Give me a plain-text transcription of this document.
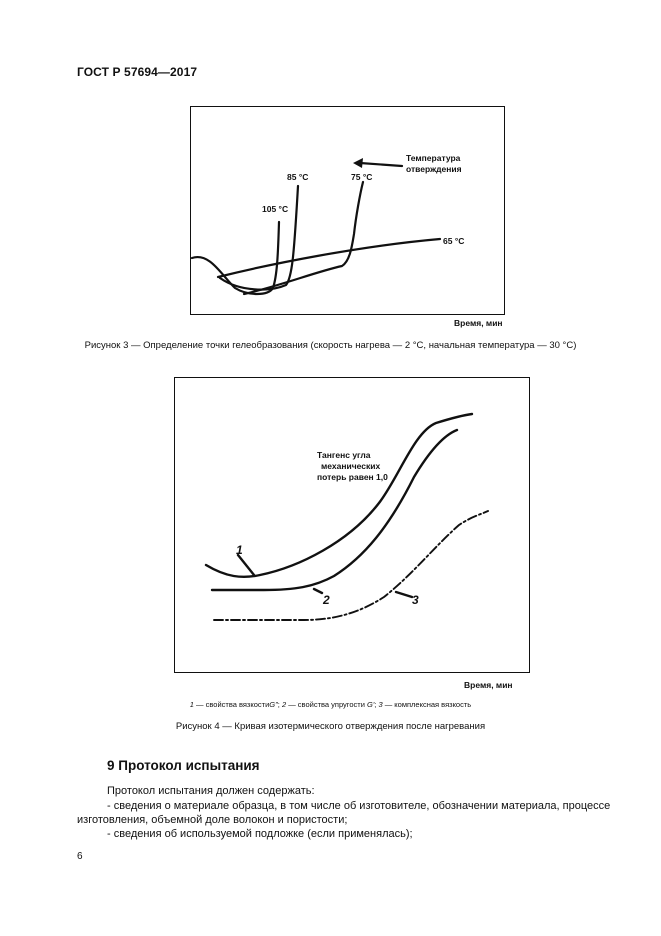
ГОСТ Р 57694—2017
Температура
отверждения
85 °C	75 °C
105 °C
65 °C
Время, мин
Рисунок 3 — Определение точки гелеобразования (скорость нагрева — 2 °C, начальная температура — 30 °C)
Тангенс угла
механических
потерь равен 1,0
1
2	3
Время, мин
1 — свойства вязкостиG"; 2 — свойства упругости G'; 3 — комплексная вязкость
Рисунок 4 — Кривая изотермического отверждения после нагревания
9 Протокол испытания
Протокол испытания должен содержать:
- сведения о материале образца, в том числе об изготовителе, обозначении материала, процессе
изготовления, объемной доле волокон и пористости;
- сведения об используемой подложке (если применялась);
6
